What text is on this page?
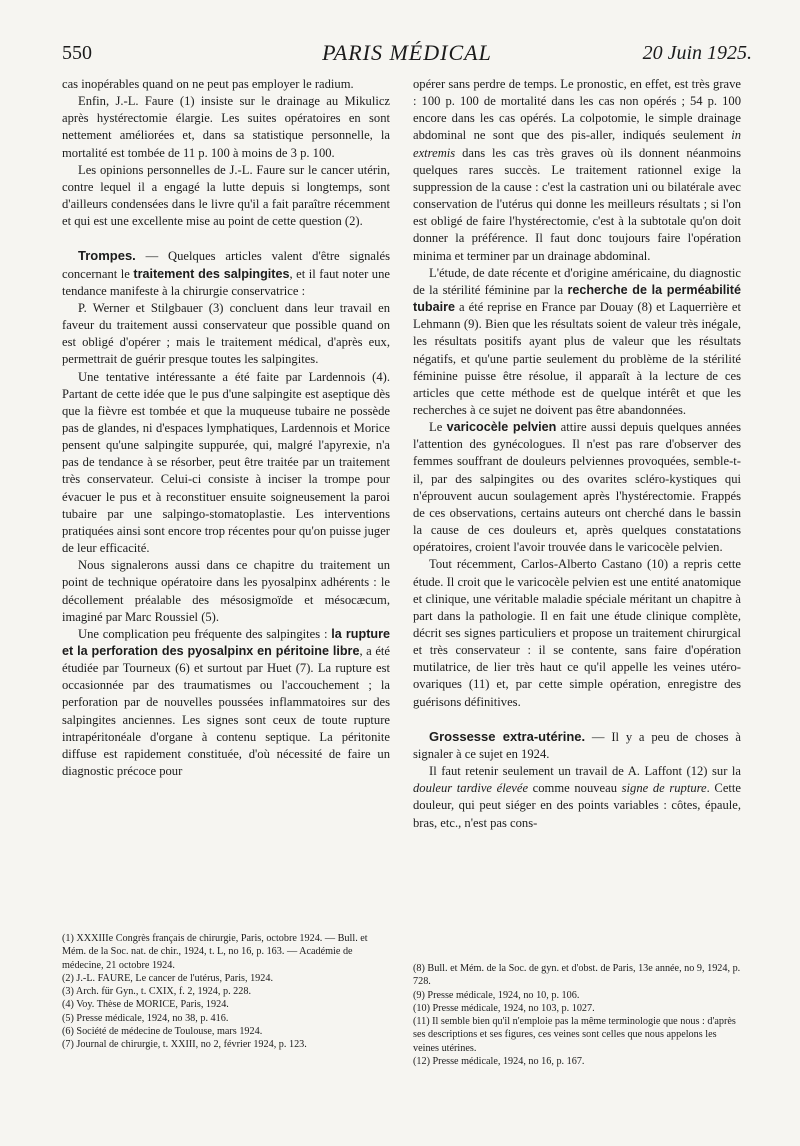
550	PARIS MÉDICAL	20 Juin 1925.

cas inopérables quand on ne peut pas employer le radium.

Enfin, J.-L. Faure (1) insiste sur le drainage au Mikulicz après hystérectomie élargie. Les suites opératoires en sont nettement améliorées et, dans sa statistique personnelle, la mortalité est tombée de 11 p. 100 à moins de 3 p. 100.

Les opinions personnelles de J.-L. Faure sur le cancer utérin, contre lequel il a engagé la lutte depuis si longtemps, sont d'ailleurs condensées dans le livre qu'il a fait paraître récemment et qui est une excellente mise au point de cette question (2).

Trompes. — Quelques articles valent d'être signalés concernant le traitement des salpingites, et il faut noter une tendance manifeste à la chirurgie conservatrice :

P. Werner et Stilgbauer (3) concluent dans leur travail en faveur du traitement aussi conservateur que possible quand on est obligé d'opérer ; mais le traitement médical, d'après eux, permettrait de guérir presque toutes les salpingites.

Une tentative intéressante a été faite par Lardennois (4). Partant de cette idée que le pus d'une salpingite est aseptique dès que la fièvre est tombée et que la muqueuse tubaire ne possède pas de glandes, ni d'espaces lymphatiques, Lardennois et Morice pensent qu'une salpingite suppurée, qui, malgré l'apyrexie, n'a pas de tendance à se résorber, peut être traitée par un traitement très conservateur. Celui-ci consiste à inciser la trompe pour évacuer le pus et à reconstituer ensuite soigneusement la paroi tubaire par une salpingo-stomatoplastie. Les interventions pratiquées ainsi sont encore trop récentes pour qu'on puisse juger de leur efficacité.

Nous signalerons aussi dans ce chapitre du traitement un point de technique opératoire dans les pyosalpinx adhérents : le décollement préalable des mésosigmoïde et mésocæcum, imaginé par Marc Roussiel (5).

Une complication peu fréquente des salpingites : la rupture et la perforation des pyosalpinx en péritoine libre, a été étudiée par Tourneux (6) et surtout par Huet (7). La rupture est occasionnée par des traumatismes ou l'accouchement ; la perforation par de nouvelles poussées inflammatoires sur des salpingites anciennes. Les signes sont ceux de toute rupture intrapéritonéale d'organe à contenu septique. La péritonite diffuse est rapidement constituée, d'où nécessité de faire un diagnostic précoce pour

opérer sans perdre de temps. Le pronostic, en effet, est très grave : 100 p. 100 de mortalité dans les cas non opérés ; 54 p. 100 encore dans les cas opérés. La colpotomie, le simple drainage abdominal ne sont que des pis-aller, indiqués seulement in extremis dans les cas très graves où ils donnent néanmoins quelques rares succès. Le traitement rationnel exige la suppression de la cause : c'est la castration uni ou bilatérale avec conservation de l'utérus qui donne les meilleurs résultats ; si l'on est obligé de faire l'hystérectomie, c'est à la subtotale qu'on doit donner la préférence. Il faut donc toujours faire l'opération minima et terminer par un drainage abdominal.

L'étude, de date récente et d'origine américaine, du diagnostic de la stérilité féminine par la recherche de la perméabilité tubaire a été reprise en France par Douay (8) et Laquerrière et Lehmann (9). Bien que les résultats soient de valeur très inégale, les résultats positifs ayant plus de valeur que les résultats négatifs, et qu'une partie seulement du problème de la stérilité féminine puisse être résolue, il apparaît à la lecture de ces articles que cette méthode est de quelque intérêt et que les recherches à ce sujet ne doivent pas être abandonnées.

Le varicocèle pelvien attire aussi depuis quelques années l'attention des gynécologues. Il n'est pas rare d'observer des femmes souffrant de douleurs pelviennes provoquées, semble-t-il, par des salpingites ou des ovarites scléro-kystiques qui n'éprouvent aucun soulagement après l'hystérectomie. Frappés de ces observations, certains auteurs ont cherché dans le bassin la cause de ces douleurs et, après quelques constatations opératoires, croient l'avoir trouvée dans le varicocèle pelvien.

Tout récemment, Carlos-Alberto Castano (10) a repris cette étude. Il croit que le varicocèle pelvien est une entité anatomique et clinique, une véritable maladie spéciale méritant un chapitre à part dans la pathologie. Il en fait une étude clinique complète, décrit ses signes particuliers et propose un traitement chirurgical et très conservateur : il se contente, sans faire d'opération mutilatrice, de lier très haut ce qu'il appelle les veines utéro-ovariques (11) et, par cette simple opération, enregistre des guérisons définitives.

Grossesse extra-utérine. — Il y a peu de choses à signaler à ce sujet en 1924.

Il faut retenir seulement un travail de A. Laffont (12) sur la douleur tardive élevée comme nouveau signe de rupture. Cette douleur, qui peut siéger en des points variables : côtes, épaule, bras, etc., n'est pas cons-

(1) XXXIIIe Congrès français de chirurgie, Paris, octobre 1924. — Bull. et Mém. de la Soc. nat. de chir., 1924, t. L, no 16, p. 163. — Académie de médecine, 21 octobre 1924.

(2) J.-L. FAURE, Le cancer de l'utérus, Paris, 1924.

(3) Arch. für Gyn., t. CXIX, f. 2, 1924, p. 228.

(4) Voy. Thèse de MORICE, Paris, 1924.

(5) Presse médicale, 1924, no 38, p. 416.

(6) Société de médecine de Toulouse, mars 1924.

(7) Journal de chirurgie, t. XXIII, no 2, février 1924, p. 123.

(8) Bull. et Mém. de la Soc. de gyn. et d'obst. de Paris, 13e année, no 9, 1924, p. 728.

(9) Presse médicale, 1924, no 10, p. 106.

(10) Presse médicale, 1924, no 103, p. 1027.

(11) Il semble bien qu'il n'emploie pas la même terminologie que nous : d'après ses descriptions et ses figures, ces veines sont celles que nous appelons les veines utérines.

(12) Presse médicale, 1924, no 16, p. 167.
